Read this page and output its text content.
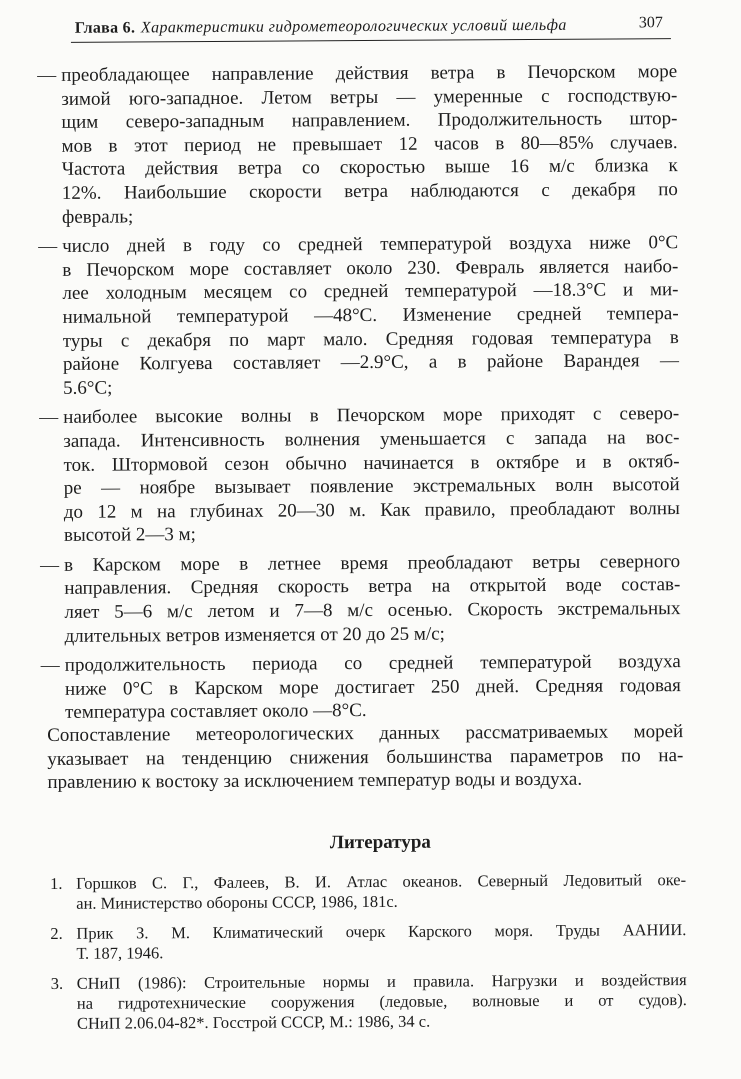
Глава 6. Характеристики гидрометеорологических условий шельфа	307
— преобладающее направление действия ветра в Печорском море
зимой юго-западное. Летом ветры — умеренные с господствую-
щим северо-западным направлением. Продолжительность штор-
мов в этот период не превышает 12 часов в 80—85% случаев.
Частота действия ветра со скоростью выше 16 м/с близка к
12%. Наибольшие скорости ветра наблюдаются с декабря по
февраль;
— число дней в году со средней температурой воздуха ниже 0°С
в Печорском море составляет около 230. Февраль является наибо-
лее холодным месяцем со средней температурой —18.3°С и ми-
нимальной температурой —48°С. Изменение средней темпера-
туры с декабря по март мало. Средняя годовая температура в
районе Колгуева составляет —2.9°С, а в районе Варандея —
5.6°С;
— наиболее высокие волны в Печорском море приходят с северо-
запада. Интенсивность волнения уменьшается с запада на вос-
ток. Штормовой сезон обычно начинается в октябре и в октяб-
ре — ноябре вызывает появление экстремальных волн высотой
до 12 м на глубинах 20—30 м. Как правило, преобладают волны
высотой 2—3 м;
— в Карском море в летнее время преобладают ветры северного
направления. Средняя скорость ветра на открытой воде состав-
ляет 5—6 м/с летом и 7—8 м/с осенью. Скорость экстремальных
длительных ветров изменяется от 20 до 25 м/с;
— продолжительность периода со средней температурой воздуха
ниже 0°С в Карском море достигает 250 дней. Средняя годовая
температура составляет около —8°С.
Сопоставление метеорологических данных рассматриваемых морей
указывает на тенденцию снижения большинства параметров по на-
правлению к востоку за исключением температур воды и воздуха.
Литература
1. Горшков С. Г., Фалеев, В. И. Атлас океанов. Северный Ледовитый оке-
ан. Министерство обороны СССР, 1986, 181с.
2. Прик З. М. Климатический очерк Карского моря. Труды ААНИИ.
Т. 187, 1946.
3. СНиП (1986): Строительные нормы и правила. Нагрузки и воздействия
на гидротехнические сооружения (ледовые, волновые и от судов).
СНиП 2.06.04-82*. Госстрой СССР, М.: 1986, 34 с.
